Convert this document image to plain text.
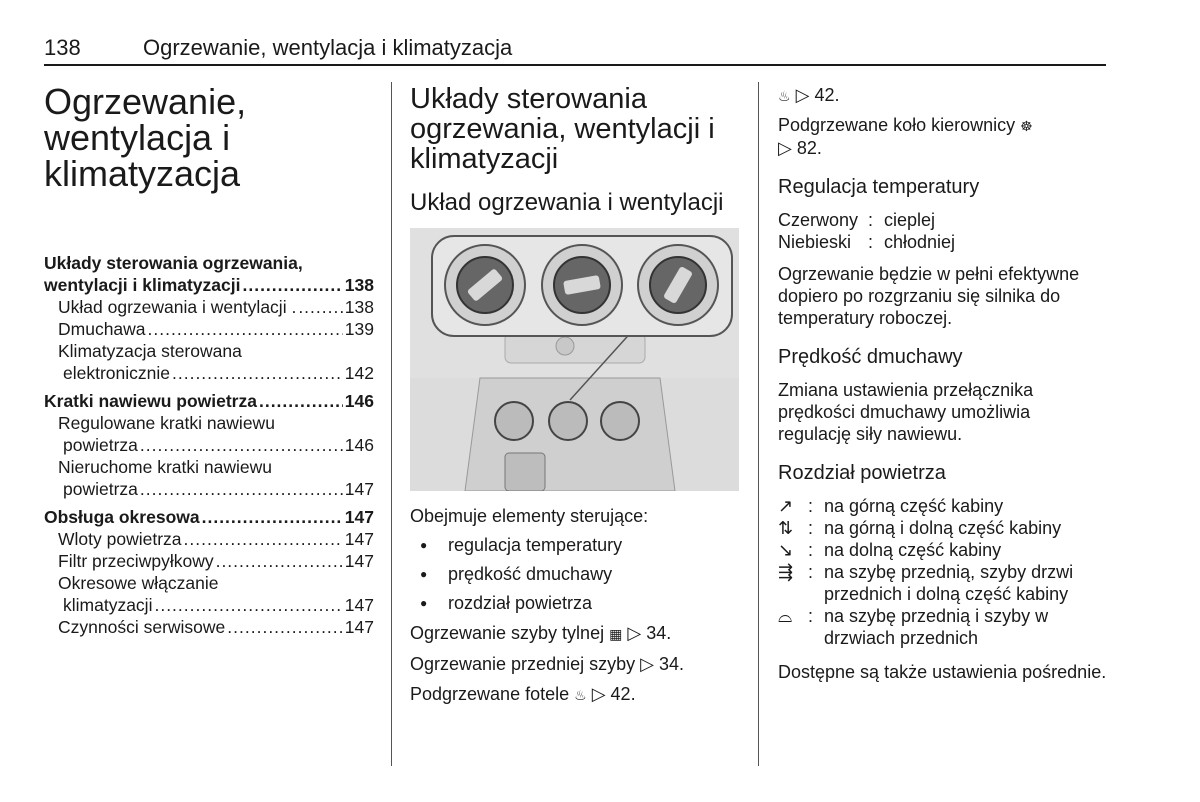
138	Ogrzewanie, wentylacja i klimatyzacja
Ogrzewanie,
wentylacja i
klimatyzacja
Układy sterowania ogrzewania,
wentylacji i klimatyzacji .....	138
Układ ogrzewania i wentylacji . .....	138
Dmuchawa .....	139
Klimatyzacja sterowana
elektronicznie .....	142
Kratki nawiewu powietrza .....	146
Regulowane kratki nawiewu
powietrza .....	146
Nieruchome kratki nawiewu
powietrza .....	147
Obsługa okresowa .....	147
Wloty powietrza .....	147
Filtr przeciwpyłkowy .....	147
Okresowe włączanie
klimatyzacji .....	147
Czynności serwisowe .....	147
Układy sterowania ogrzewania, wentylacji i klimatyzacji
Układ ogrzewania i wentylacji
Obejmuje elementy sterujące:
●	regulacja temperatury
●	prędkość dmuchawy
●	rozdział powietrza
Ogrzewanie szyby tylnej ▦ ▷ 34.
Ogrzewanie przedniej szyby ▷ 34.
Podgrzewane fotele ♨ ▷ 42.
♨ ▷ 42.
Podgrzewane koło kierownicy ☸
▷ 82.
Regulacja temperatury
Czerwony : cieplej
Niebieski : chłodniej
Ogrzewanie będzie w pełni efektywne dopiero po rozgrzaniu się silnika do temperatury roboczej.
Prędkość dmuchawy
Zmiana ustawienia przełącznika prędkości dmuchawy umożliwia regulację siły nawiewu.
Rozdział powietrza
↗ : na górną część kabiny
⇅ : na górną i dolną część kabiny
↘ : na dolną część kabiny
⇶ : na szybę przednią, szyby drzwi przednich i dolną część kabiny
⌓ : na szybę przednią i szyby w drzwiach przednich
Dostępne są także ustawienia pośrednie.
